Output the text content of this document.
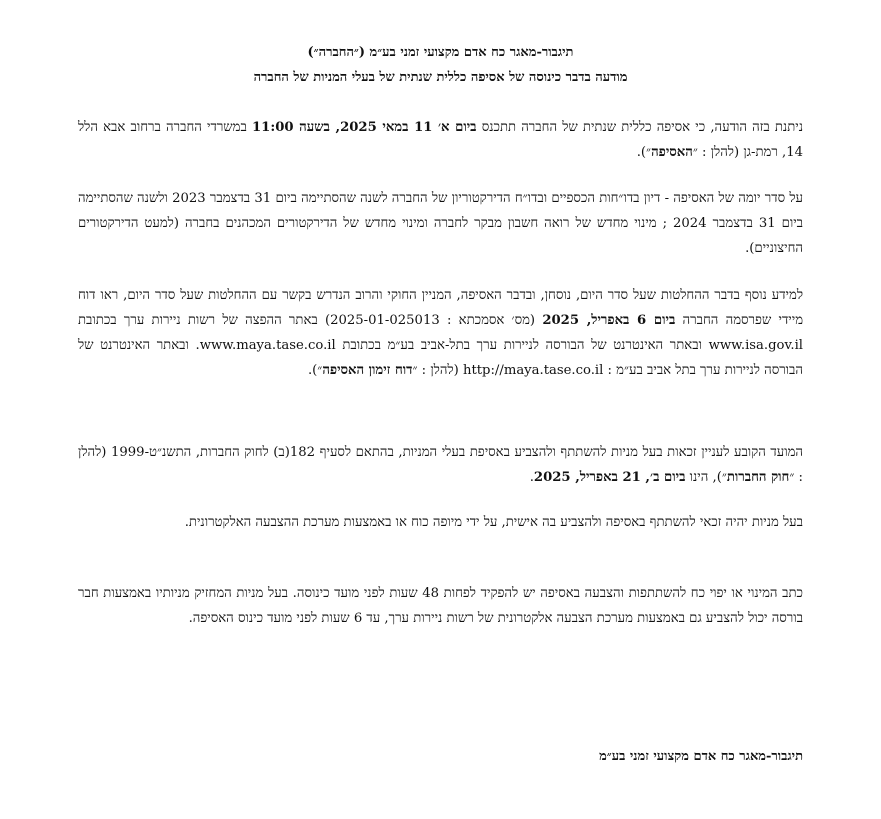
תיגבור-מאגר כח אדם מקצועי זמני בע״מ (״החברה״)
מודעה בדבר כינוסה של אסיפה כללית שנתית של בעלי המניות של החברה

ניתנת בזה הודעה, כי אסיפה כללית שנתית של החברה תתכנס ביום א׳ 11 במאי 2025, בשעה 11:00 במשרדי החברה ברחוב אבא הלל 14, רמת-גן (להלן : ״האסיפה״).

על סדר יומה של האסיפה - דיון בדו״חות הכספיים ובדו״ח הדירקטוריון של החברה לשנה שהסתיימה ביום 31 בדצמבר 2023 ולשנה שהסתיימה ביום 31 בדצמבר 2024 ; מינוי מחדש של רואה חשבון מבקר לחברה ומינוי מחדש של הדירקטורים המכהנים בחברה (למעט הדירקטורים החיצוניים).

למידע נוסף בדבר ההחלטות שעל סדר היום, נוסחן, ובדבר האסיפה, המניין החוקי והרוב הנדרש בקשר עם ההחלטות שעל סדר היום, ראו דוח מיידי שפרסמה החברה ביום 6 באפריל, 2025 (מס׳ אסמכתא : 2025-01-025013) באתר ההפצה של רשות ניירות ערך בכתובת www.isa.gov.il ובאתר האינטרנט של הבורסה לניירות ערך בתל-אביב בע״מ בכתובת www.maya.tase.co.il. ובאתר האינטרנט של הבורסה לניירות ערך בתל אביב בע״מ : http://maya.tase.co.il (להלן : ״דוח זימון האסיפה״).

המועד הקובע לעניין זכאות בעל מניות להשתתף ולהצביע באסיפת בעלי המניות, בהתאם לסעיף 182(ב) לחוק החברות, התשנ״ט-1999 (להלן : ״חוק החברות״), הינו ביום ב׳, 21 באפריל, 2025.

בעל מניות יהיה זכאי להשתתף באסיפה ולהצביע בה אישית, על ידי מיופה כוח או באמצעות מערכת ההצבעה האלקטרונית.

כתב המינוי או יפוי כח להשתתפות והצבעה באסיפה יש להפקיד לפחות 48 שעות לפני מועד כינוסה. בעל מניות המחזיק מניותיו באמצעות חבר בורסה יכול להצביע גם באמצעות מערכת הצבעה אלקטרונית של רשות ניירות ערך, עד 6 שעות לפני מועד כינוס האסיפה.

תיגבור-מאגר כח אדם מקצועי זמני בע״מ
